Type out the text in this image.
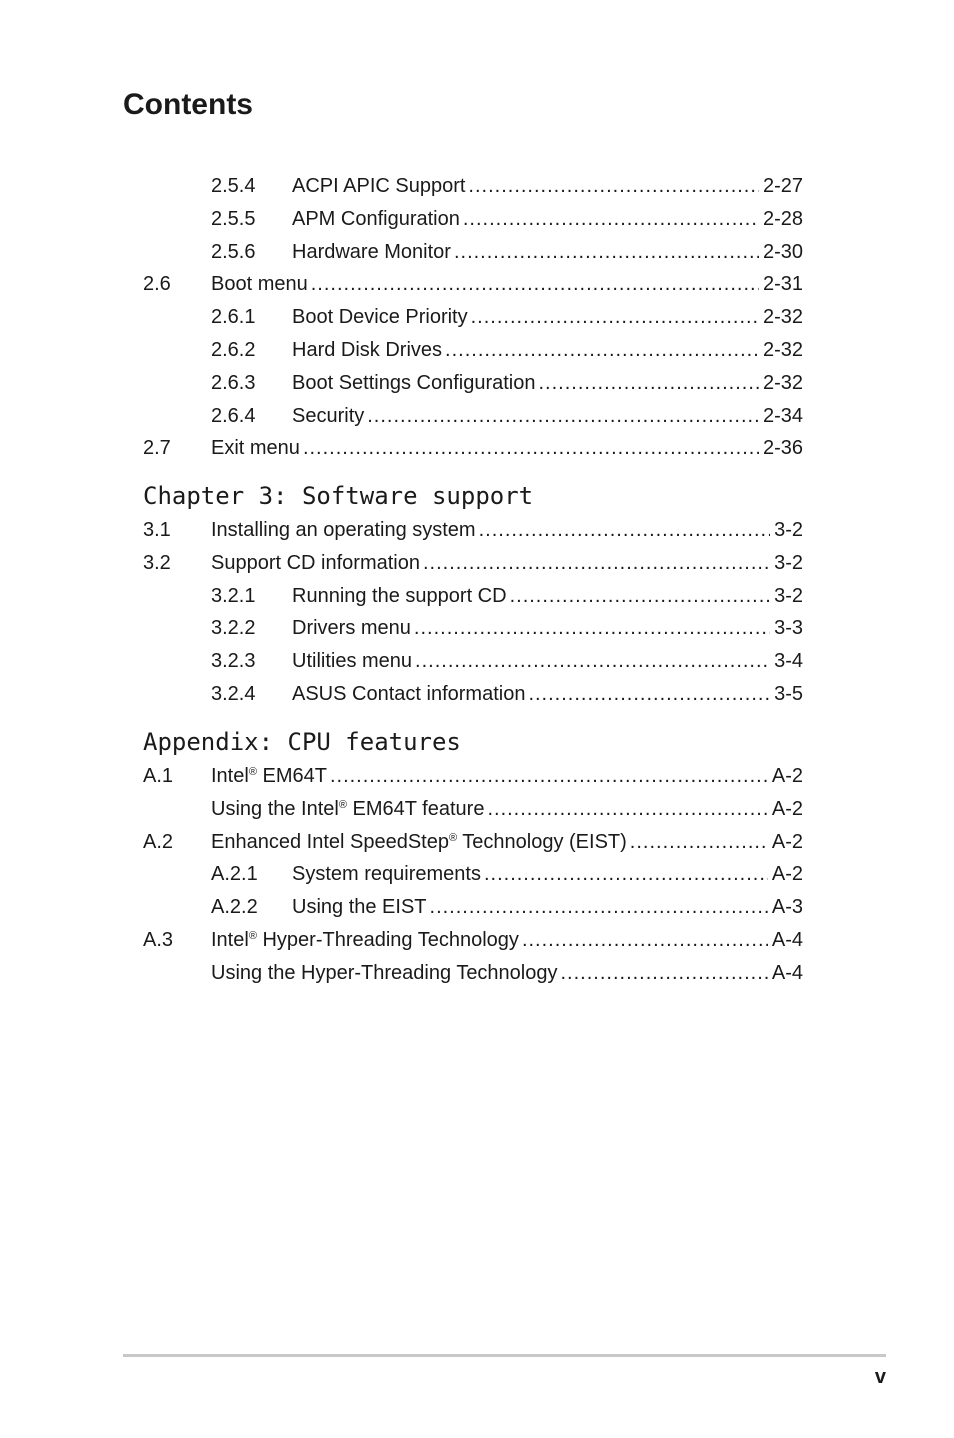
Contents
2.5.4	ACPI APIC Support .....	2-27
2.5.5	APM Configuration .....	2-28
2.5.6	Hardware Monitor .....	2-30
2.6 Boot menu .....	2-31
2.6.1	Boot Device Priority .....	2-32
2.6.2	Hard Disk Drives .....	2-32
2.6.3	Boot Settings Configuration .....	2-32
2.6.4	Security .....	2-34
2.7 Exit menu .....	2-36
3.1 Installing an operating system .....	3-2
3.2 Support CD information .....	3-2
3.2.1	Running the support CD .....	3-2
3.2.2	Drivers menu .....	3-3
3.2.3	Utilities menu .....	3-4
3.2.4	ASUS Contact information .....	3-5
A.1 Intel® EM64T .....	A-2
Using the Intel® EM64T feature .....	A-2
A.2 Enhanced Intel SpeedStep® Technology (EIST) .....	A-2
A.2.1	System requirements .....	A-2
A.2.2	Using the EIST .....	A-3
A.3 Intel® Hyper-Threading Technology .....	A-4
Using the Hyper-Threading Technology .....	A-4
Chapter 3: Software support
Appendix: CPU features
v
